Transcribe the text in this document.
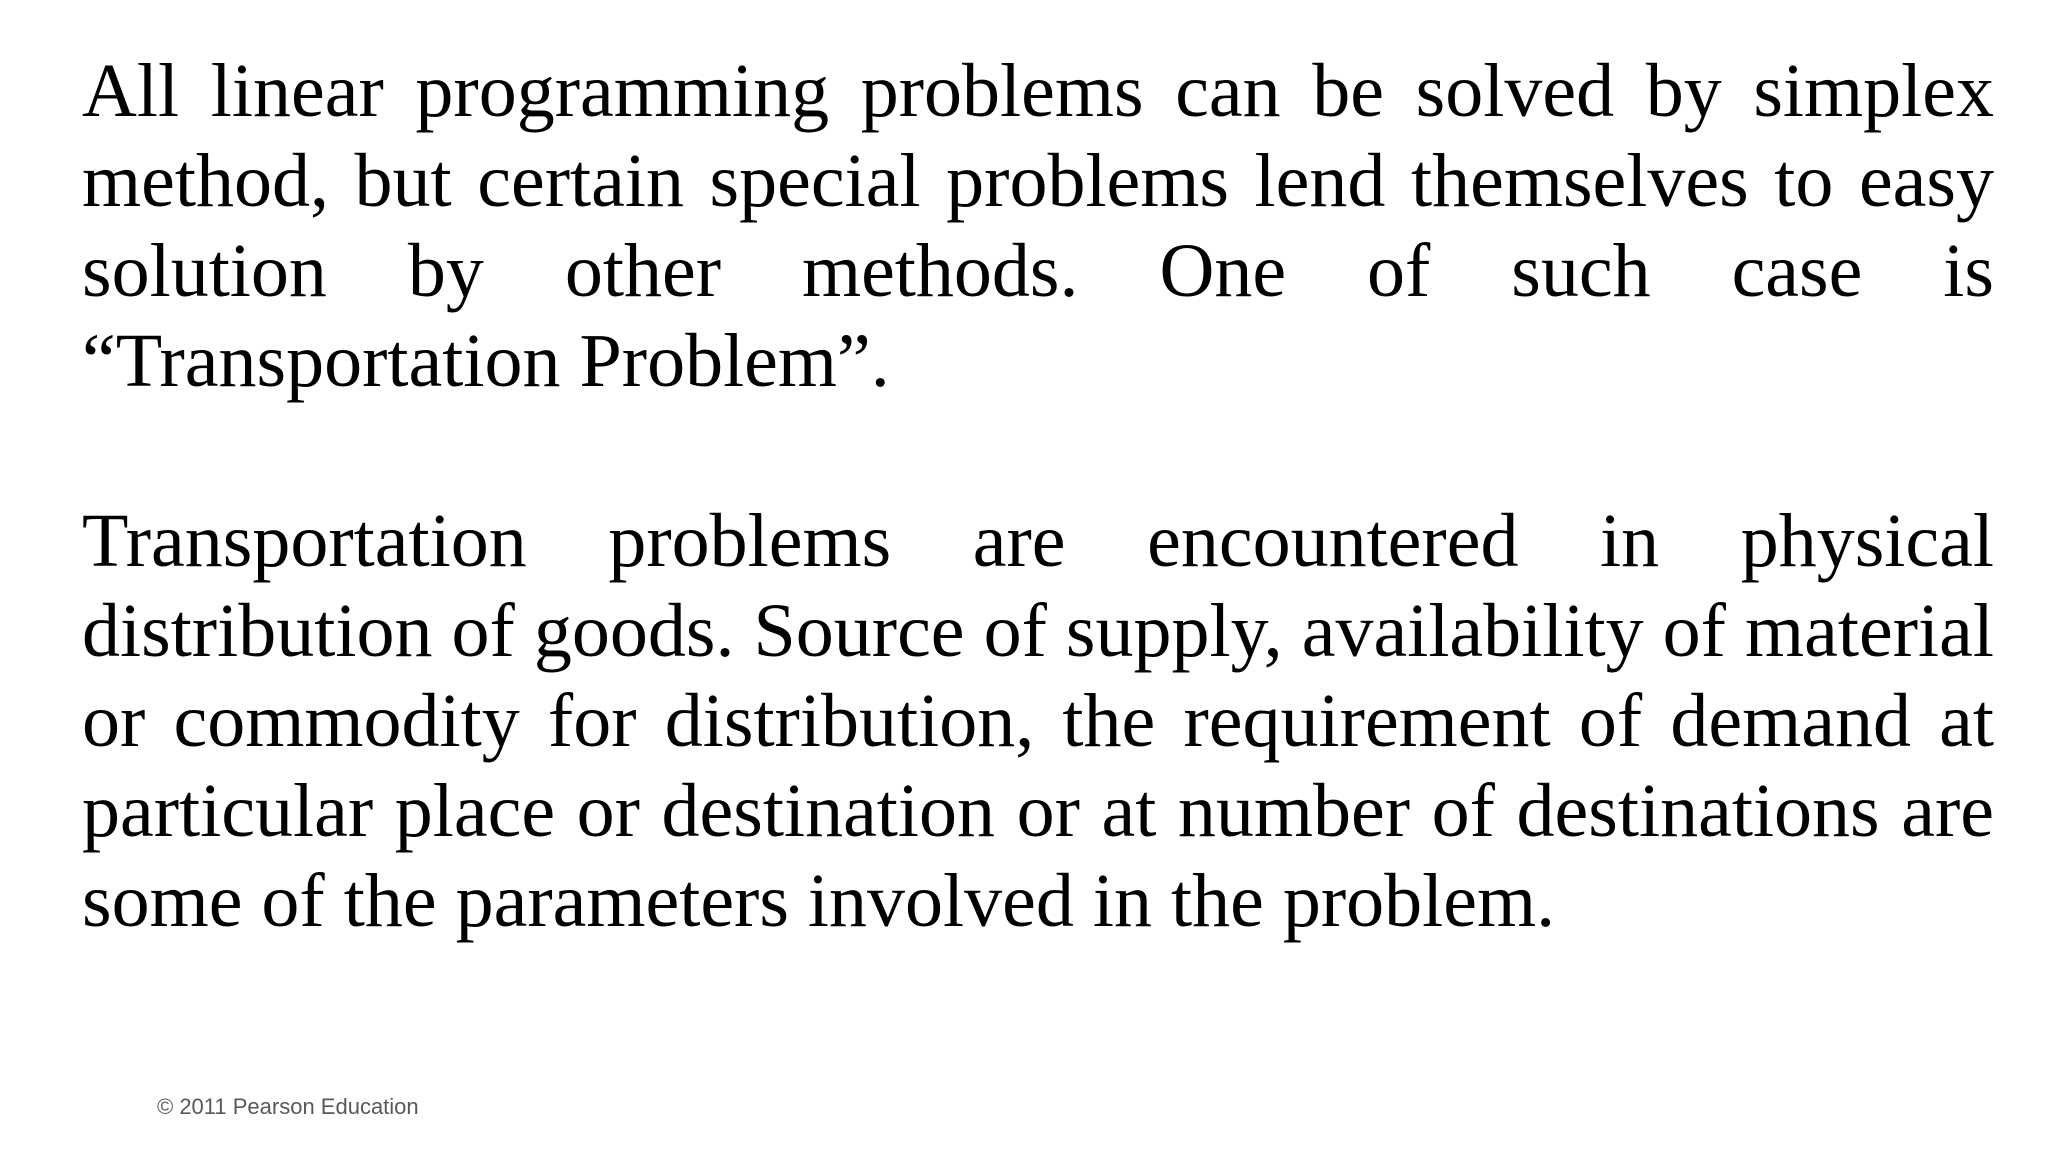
All linear programming problems can be solved by simplex method, but certain special problems lend themselves to easy solution by other methods. One of such case is “Transportation Problem”.

Transportation problems are encountered in physical distribution of goods. Source of supply, availability of material or commodity for distribution, the requirement of demand at particular place or destination or at number of destinations are some of the parameters involved in the problem.

© 2011 Pearson Education
